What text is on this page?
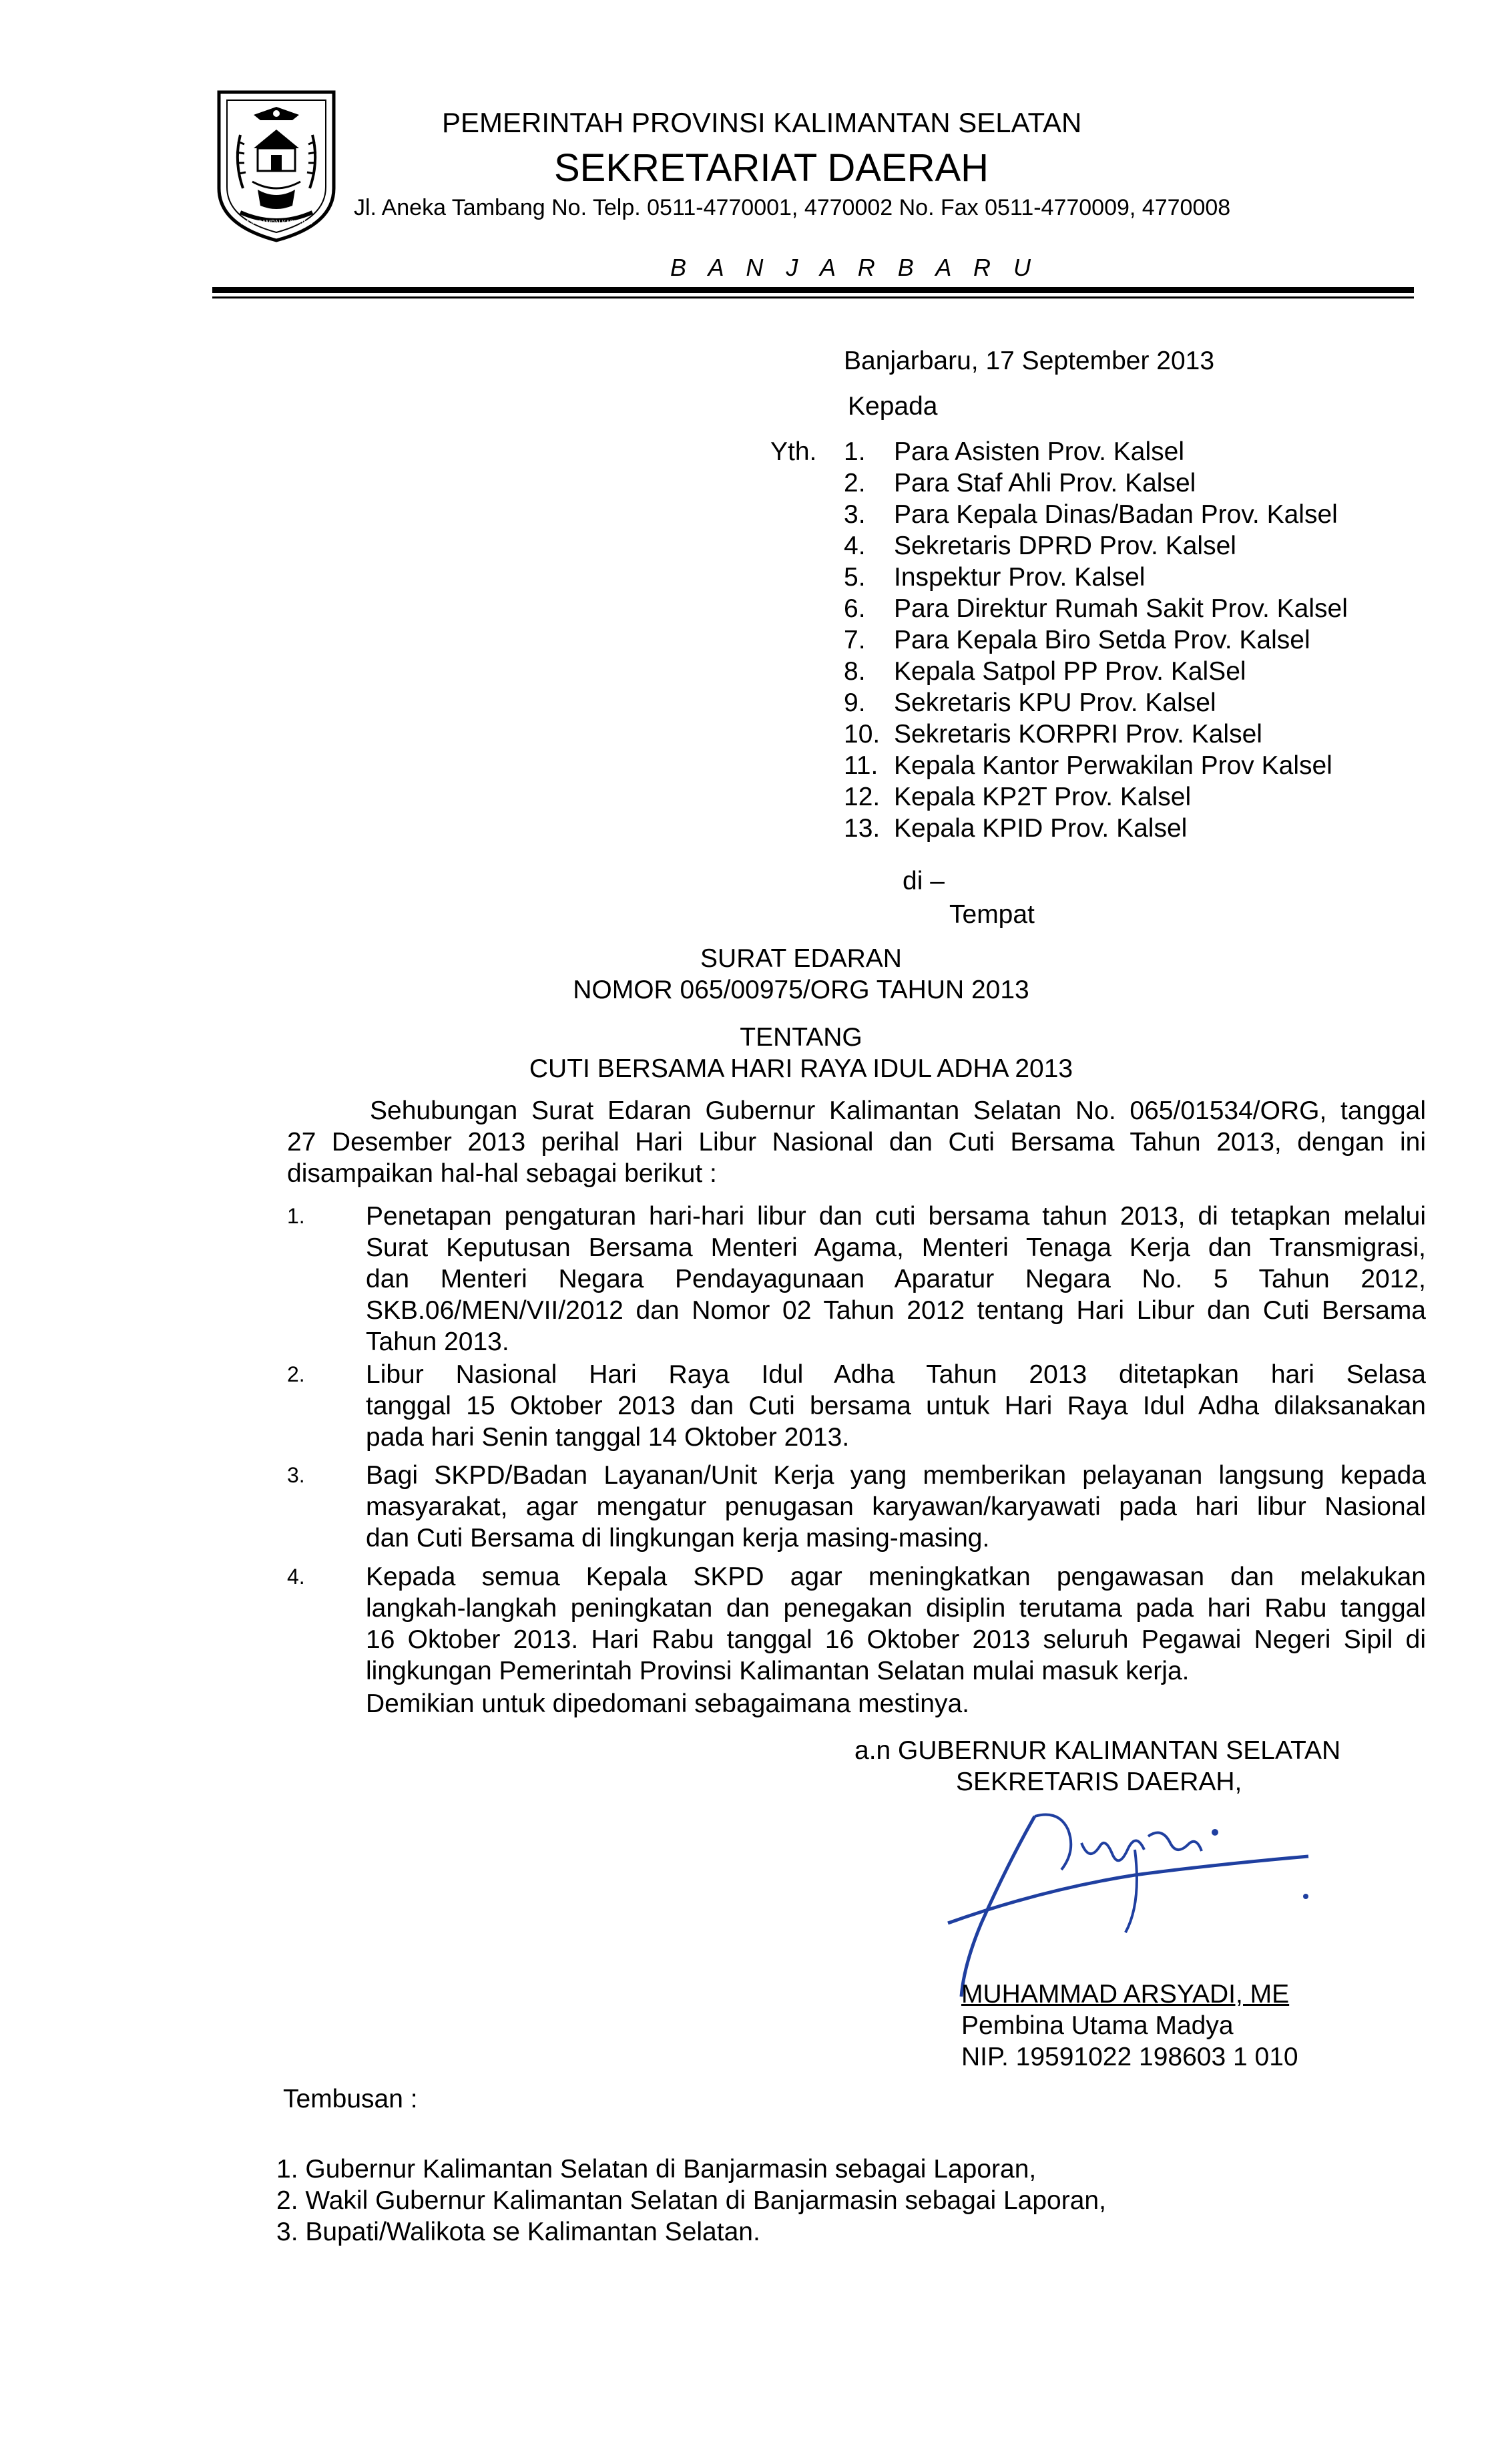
WAJA SAMPAI KAPUTING
PEMERINTAH PROVINSI KALIMANTAN SELATAN
SEKRETARIAT DAERAH
Jl. Aneka Tambang No. Telp. 0511-4770001, 4770002 No. Fax 0511-4770009, 4770008
B A N J A R B A R U
Banjarbaru, 17 September 2013
Kepada
Yth. 1. Para Asisten Prov. Kalsel
2. Para Staf Ahli Prov. Kalsel
3. Para Kepala Dinas/Badan Prov. Kalsel
4. Sekretaris DPRD Prov. Kalsel
5. Inspektur Prov. Kalsel
6. Para Direktur Rumah Sakit Prov. Kalsel
7. Para Kepala Biro Setda Prov. Kalsel
8. Kepala Satpol PP Prov. KalSel
9. Sekretaris KPU Prov. Kalsel
10. Sekretaris KORPRI Prov. Kalsel
11. Kepala Kantor Perwakilan Prov Kalsel
12. Kepala KP2T Prov. Kalsel
13. Kepala KPID Prov. Kalsel
di –
Tempat
SURAT EDARAN
NOMOR 065/00975/ORG TAHUN 2013
TENTANG
CUTI BERSAMA HARI RAYA IDUL ADHA 2013
Sehubungan Surat Edaran Gubernur Kalimantan Selatan No. 065/01534/ORG, tanggal
27 Desember 2013 perihal Hari Libur Nasional dan Cuti Bersama Tahun 2013, dengan ini
disampaikan hal-hal sebagai berikut :
1. Penetapan pengaturan hari-hari libur dan cuti bersama tahun 2013, di tetapkan melalui
Surat Keputusan Bersama Menteri Agama, Menteri Tenaga Kerja dan Transmigrasi,
dan Menteri Negara Pendayagunaan Aparatur Negara No. 5 Tahun 2012,
SKB.06/MEN/VII/2012 dan Nomor 02 Tahun 2012 tentang Hari Libur dan Cuti Bersama
Tahun 2013.
2. Libur Nasional Hari Raya Idul Adha Tahun 2013 ditetapkan hari Selasa
tanggal 15 Oktober 2013 dan Cuti bersama untuk Hari Raya Idul Adha dilaksanakan
pada hari Senin tanggal 14 Oktober 2013.
3. Bagi SKPD/Badan Layanan/Unit Kerja yang memberikan pelayanan langsung kepada
masyarakat, agar mengatur penugasan karyawan/karyawati pada hari libur Nasional
dan Cuti Bersama di lingkungan kerja masing-masing.
4. Kepada semua Kepala SKPD agar meningkatkan pengawasan dan melakukan
langkah-langkah peningkatan dan penegakan disiplin terutama pada hari Rabu tanggal
16 Oktober 2013. Hari Rabu tanggal 16 Oktober 2013 seluruh Pegawai Negeri Sipil di
lingkungan Pemerintah Provinsi Kalimantan Selatan mulai masuk kerja.
Demikian untuk dipedomani sebagaimana mestinya.
a.n GUBERNUR KALIMANTAN SELATAN
SEKRETARIS DAERAH,
MUHAMMAD ARSYADI, ME
Pembina Utama Madya
NIP. 19591022 198603 1 010
Tembusan :
1. Gubernur Kalimantan Selatan di Banjarmasin sebagai Laporan,
2. Wakil Gubernur Kalimantan Selatan di Banjarmasin sebagai Laporan,
3. Bupati/Walikota se Kalimantan Selatan.
